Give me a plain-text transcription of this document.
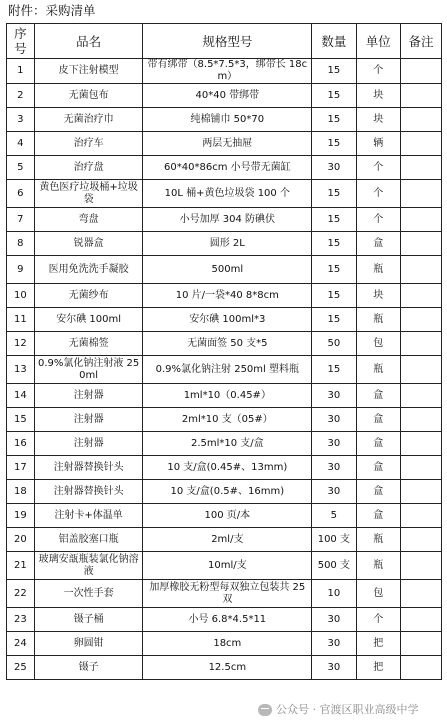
附件：采购清单
序号	品名	规格型号	数量	单位	备注
1	皮下注射模型	带有绑带（8.5*7.5*3，绑带长 18cm）	15	个	
2	无菌包布	40*40 带绑带	15	块	
3	无菌治疗巾	纯棉铺巾 50*70	15	块	
4	治疗车	两层无抽屉	15	辆	
5	治疗盘	60*40*86cm 小号带无菌缸	30	个	
6	黄色医疗垃圾桶+垃圾袋	10L 桶+黄色垃圾袋 100 个	15	个	
7	弯盘	小号加厚 304 防碘伏	15	个	
8	锐器盒	圆形 2L	15	盒	
9	医用免洗洗手凝胶	500ml	15	瓶	
10	无菌纱布	10 片/一袋*40 8*8cm	15	块	
11	安尔碘 100ml	安尔碘 100ml*3	15	瓶	
12	无菌棉签	无菌面签 50 支*5	50	包	
13	0.9%氯化钠注射液 250ml	0.9%氯化钠注射 250ml 塑料瓶	15	瓶	
14	注射器	1ml*10（0.45#）	30	盒	
15	注射器	2ml*10 支（05#）	30	盒	
16	注射器	2.5ml*10 支/盒	30	盒	
17	注射器替换针头	10 支/盒(0.45#、13mm)	30	盒	
18	注射器替换针头	10 支/盒(0.5#、16mm)	30	盒	
19	注射卡+体温单	100 页/本	5	盒	
20	铝盖胶塞口瓶	2ml/支	100 支	瓶	
21	玻璃安瓿瓶装氯化钠溶液	10ml/支	500 支	瓶	
22	一次性手套	加厚橡胶无粉型每双独立包装共 25 双	10	包	
23	镊子桶	小号 6.8*4.5*11	30	个	
24	卵圆钳	18cm	30	把	
25	镊子	12.5cm	30	把	
公众号 · 官渡区职业高级中学
